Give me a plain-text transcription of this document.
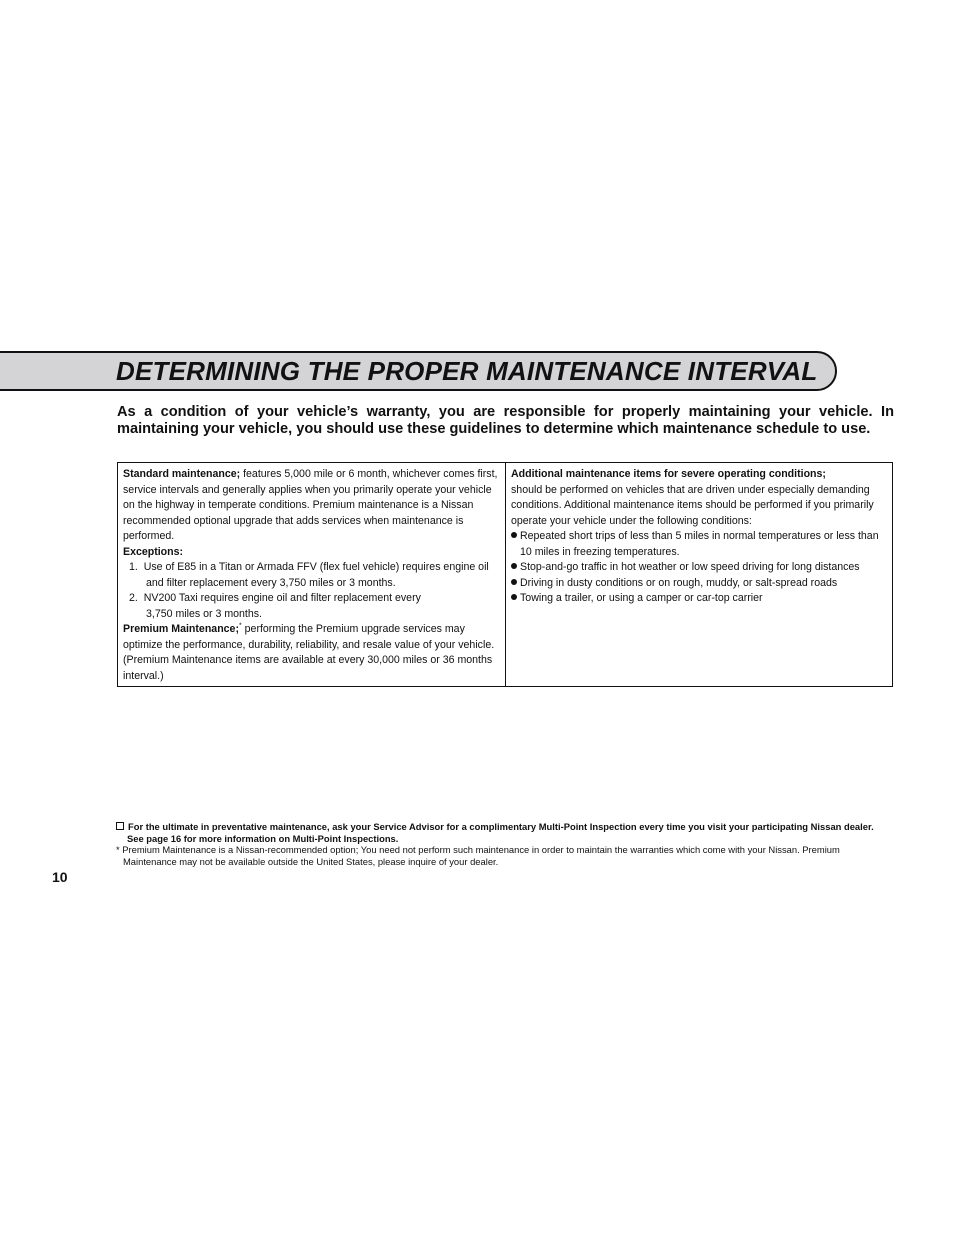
DETERMINING THE PROPER MAINTENANCE INTERVAL

As a condition of your vehicle’s warranty, you are responsible for properly maintaining your vehicle. In maintaining your vehicle, you should use these guidelines to determine which maintenance schedule to use.

Standard maintenance; features 5,000 mile or 6 month, whichever comes first, service intervals and generally applies when you primarily operate your vehicle on the highway in temperate conditions. Premium maintenance is a Nissan recommended optional upgrade that adds services when maintenance is performed.

Exceptions:

1. Use of E85 in a Titan or Armada FFV (flex fuel vehicle) requires engine oil and filter replacement every 3,750 miles or 3 months.

2. NV200 Taxi requires engine oil and filter replacement every 3,750 miles or 3 months.

Premium Maintenance;* performing the Premium upgrade services may optimize the performance, durability, reliability, and resale value of your vehicle. (Premium Maintenance items are available at every 30,000 miles or 36 months interval.)

Additional maintenance items for severe operating conditions;

should be performed on vehicles that are driven under especially demanding conditions. Additional maintenance items should be performed if you primarily operate your vehicle under the following conditions:

Repeated short trips of less than 5 miles in normal temperatures or less than 10 miles in freezing temperatures.

Stop-and-go traffic in hot weather or low speed driving for long distances

Driving in dusty conditions or on rough, muddy, or salt-spread roads

Towing a trailer, or using a camper or car-top carrier

For the ultimate in preventative maintenance, ask your Service Advisor for a complimentary Multi-Point Inspection every time you visit your participating Nissan dealer. See page 16 for more information on Multi-Point Inspections.

* Premium Maintenance is a Nissan-recommended option; You need not perform such maintenance in order to maintain the warranties which come with your Nissan. Premium Maintenance may not be available outside the United States, please inquire of your dealer.

10
